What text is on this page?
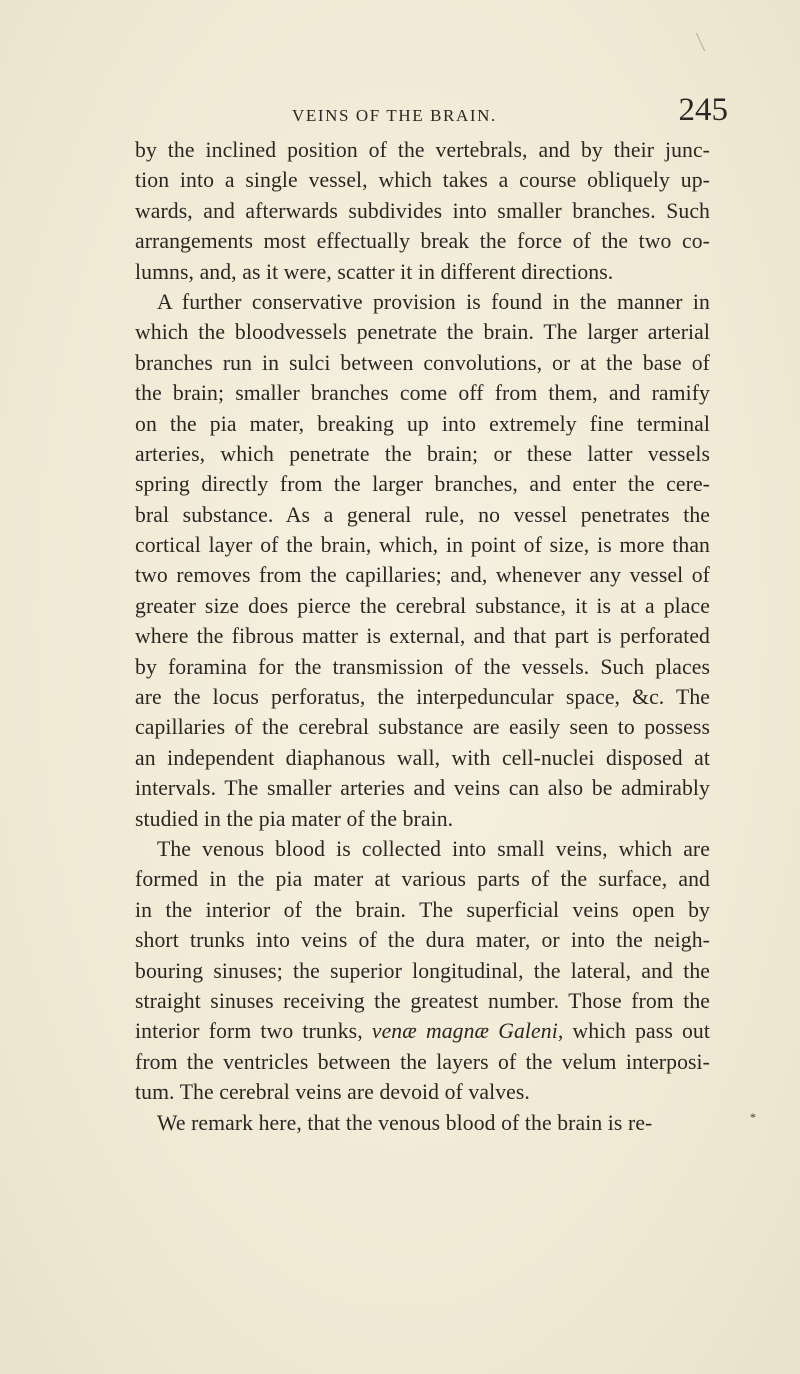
VEINS OF THE BRAIN.	245
by the inclined position of the vertebrals, and by their junc-
tion into a single vessel, which takes a course obliquely up-
wards, and afterwards subdivides into smaller branches. Such
arrangements most effectually break the force of the two co-
lumns, and, as it were, scatter it in different directions.
A further conservative provision is found in the manner in
which the bloodvessels penetrate the brain. The larger arterial
branches run in sulci between convolutions, or at the base of
the brain; smaller branches come off from them, and ramify
on the pia mater, breaking up into extremely fine terminal
arteries, which penetrate the brain; or these latter vessels
spring directly from the larger branches, and enter the cere-
bral substance. As a general rule, no vessel penetrates the
cortical layer of the brain, which, in point of size, is more than
two removes from the capillaries; and, whenever any vessel of
greater size does pierce the cerebral substance, it is at a place
where the fibrous matter is external, and that part is perforated
by foramina for the transmission of the vessels. Such places
are the locus perforatus, the interpeduncular space, &c. The
capillaries of the cerebral substance are easily seen to possess
an independent diaphanous wall, with cell-nuclei disposed at
intervals. The smaller arteries and veins can also be admirably
studied in the pia mater of the brain.
The venous blood is collected into small veins, which are
formed in the pia mater at various parts of the surface, and
in the interior of the brain. The superficial veins open by
short trunks into veins of the dura mater, or into the neigh-
bouring sinuses; the superior longitudinal, the lateral, and the
straight sinuses receiving the greatest number. Those from the
interior form two trunks, venæ magnæ Galeni, which pass out
from the ventricles between the layers of the velum interposi-
tum. The cerebral veins are devoid of valves.
We remark here, that the venous blood of the brain is re-	*
